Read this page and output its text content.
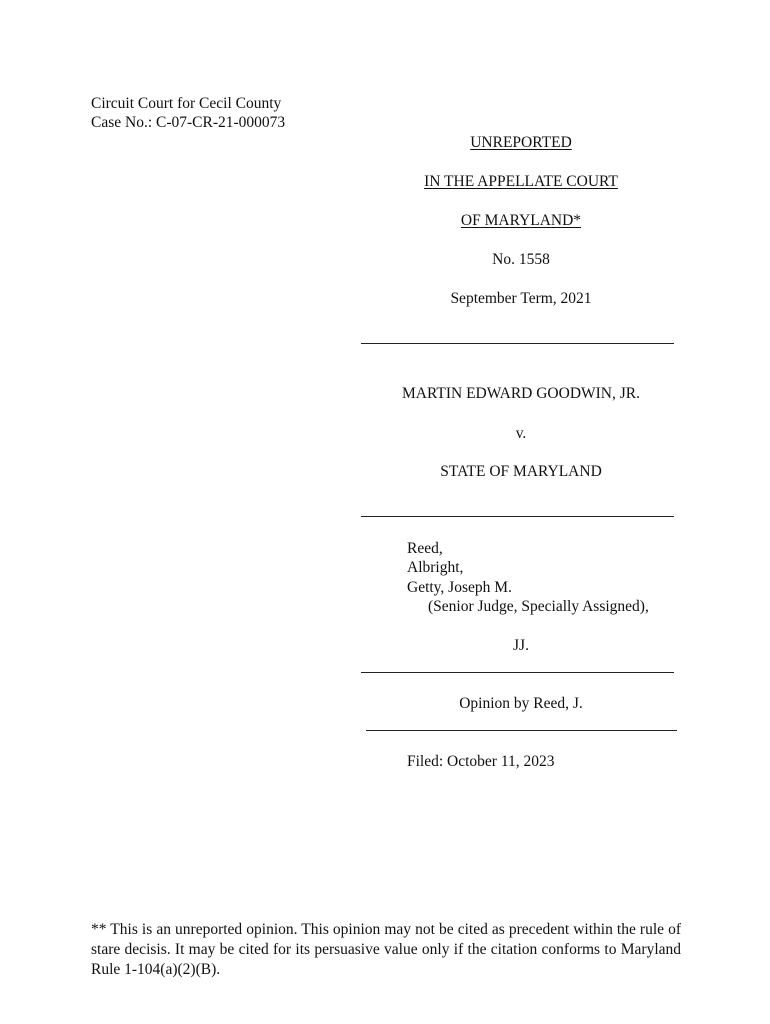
Circuit Court for Cecil County
Case No.: C-07-CR-21-000073
UNREPORTED
IN THE APPELLATE COURT
OF MARYLAND*
No. 1558
September Term, 2021
MARTIN EDWARD GOODWIN, JR.
v.
STATE OF MARYLAND
Reed,
Albright,
Getty, Joseph M.
(Senior Judge, Specially Assigned),
JJ.
Opinion by Reed, J.
Filed: October 11, 2023
** This is an unreported opinion. This opinion may not be cited as precedent within the rule of stare decisis. It may be cited for its persuasive value only if the citation conforms to Maryland Rule 1-104(a)(2)(B).
